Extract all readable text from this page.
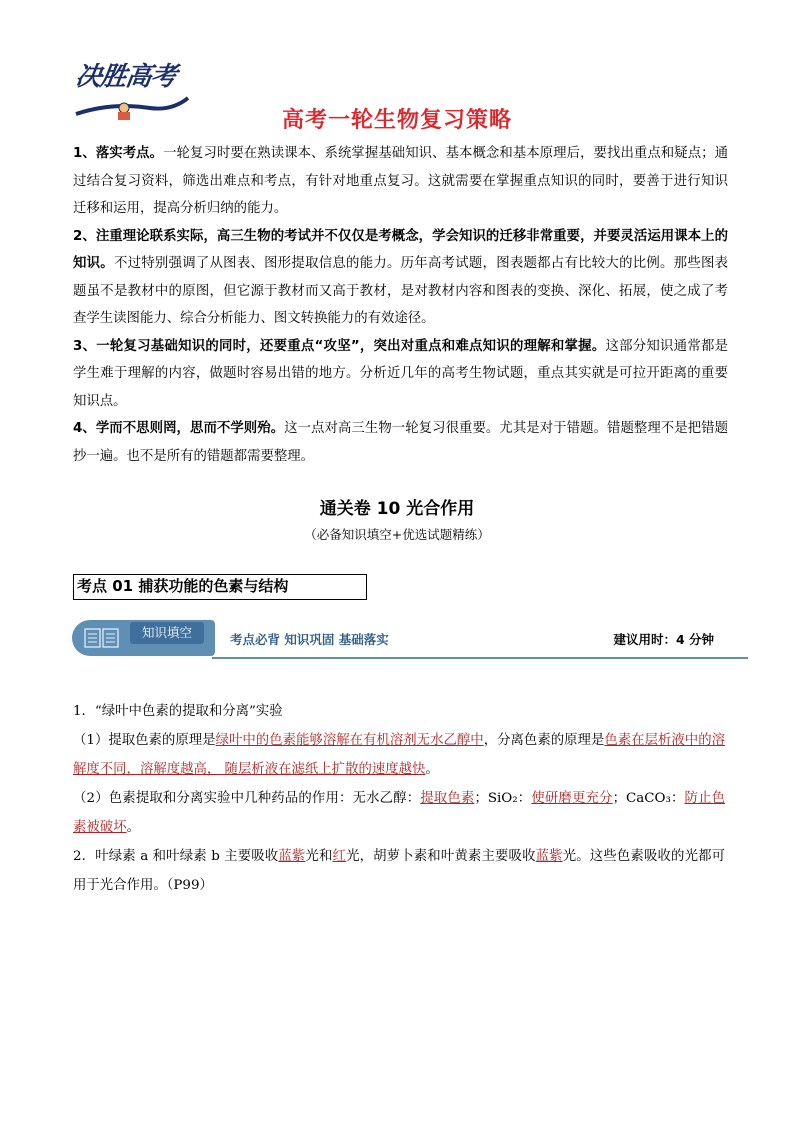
决胜高考
高考一轮生物复习策略

1、落实考点。一轮复习时要在熟读课本、系统掌握基础知识、基本概念和基本原理后，要找出重点和疑点；通过结合复习资料，筛选出难点和考点，有针对地重点复习。这就需要在掌握重点知识的同时，要善于进行知识迁移和运用，提高分析归纳的能力。

2、注重理论联系实际，高三生物的考试并不仅仅是考概念，学会知识的迁移非常重要，并要灵活运用课本上的知识。不过特别强调了从图表、图形提取信息的能力。历年高考试题，图表题都占有比较大的比例。那些图表题虽不是教材中的原图，但它源于教材而又高于教材，是对教材内容和图表的变换、深化、拓展，使之成了考查学生读图能力、综合分析能力、图文转换能力的有效途径。

3、一轮复习基础知识的同时，还要重点“攻坚”，突出对重点和难点知识的理解和掌握。这部分知识通常都是学生难于理解的内容，做题时容易出错的地方。分析近几年的高考生物试题，重点其实就是可拉开距离的重要知识点。

4、学而不思则罔，思而不学则殆。这一点对高三生物一轮复习很重要。尤其是对于错题。错题整理不是把错题抄一遍。也不是所有的错题都需要整理。

通关卷 10 光合作用
（必备知识填空+优选试题精练）
考点 01 捕获功能的色素与结构
知识填空	考点必背 知识巩固 基础落实	建议用时：4 分钟

1．“绿叶中色素的提取和分离”实验

（1）提取色素的原理是绿叶中的色素能够溶解在有机溶剂无水乙醇中，分离色素的原理是色素在层析液中的溶解度不同，溶解度越高， 随层析液在滤纸上扩散的速度越快。

（2）色素提取和分离实验中几种药品的作用：无水乙醇：提取色素；SiO₂：使研磨更充分；CaCO₃：防止色素被破坏。

2．叶绿素 a 和叶绿素 b 主要吸收蓝紫光和红光，胡萝卜素和叶黄素主要吸收蓝紫光。这些色素吸收的光都可用于光合作用。（P99）
